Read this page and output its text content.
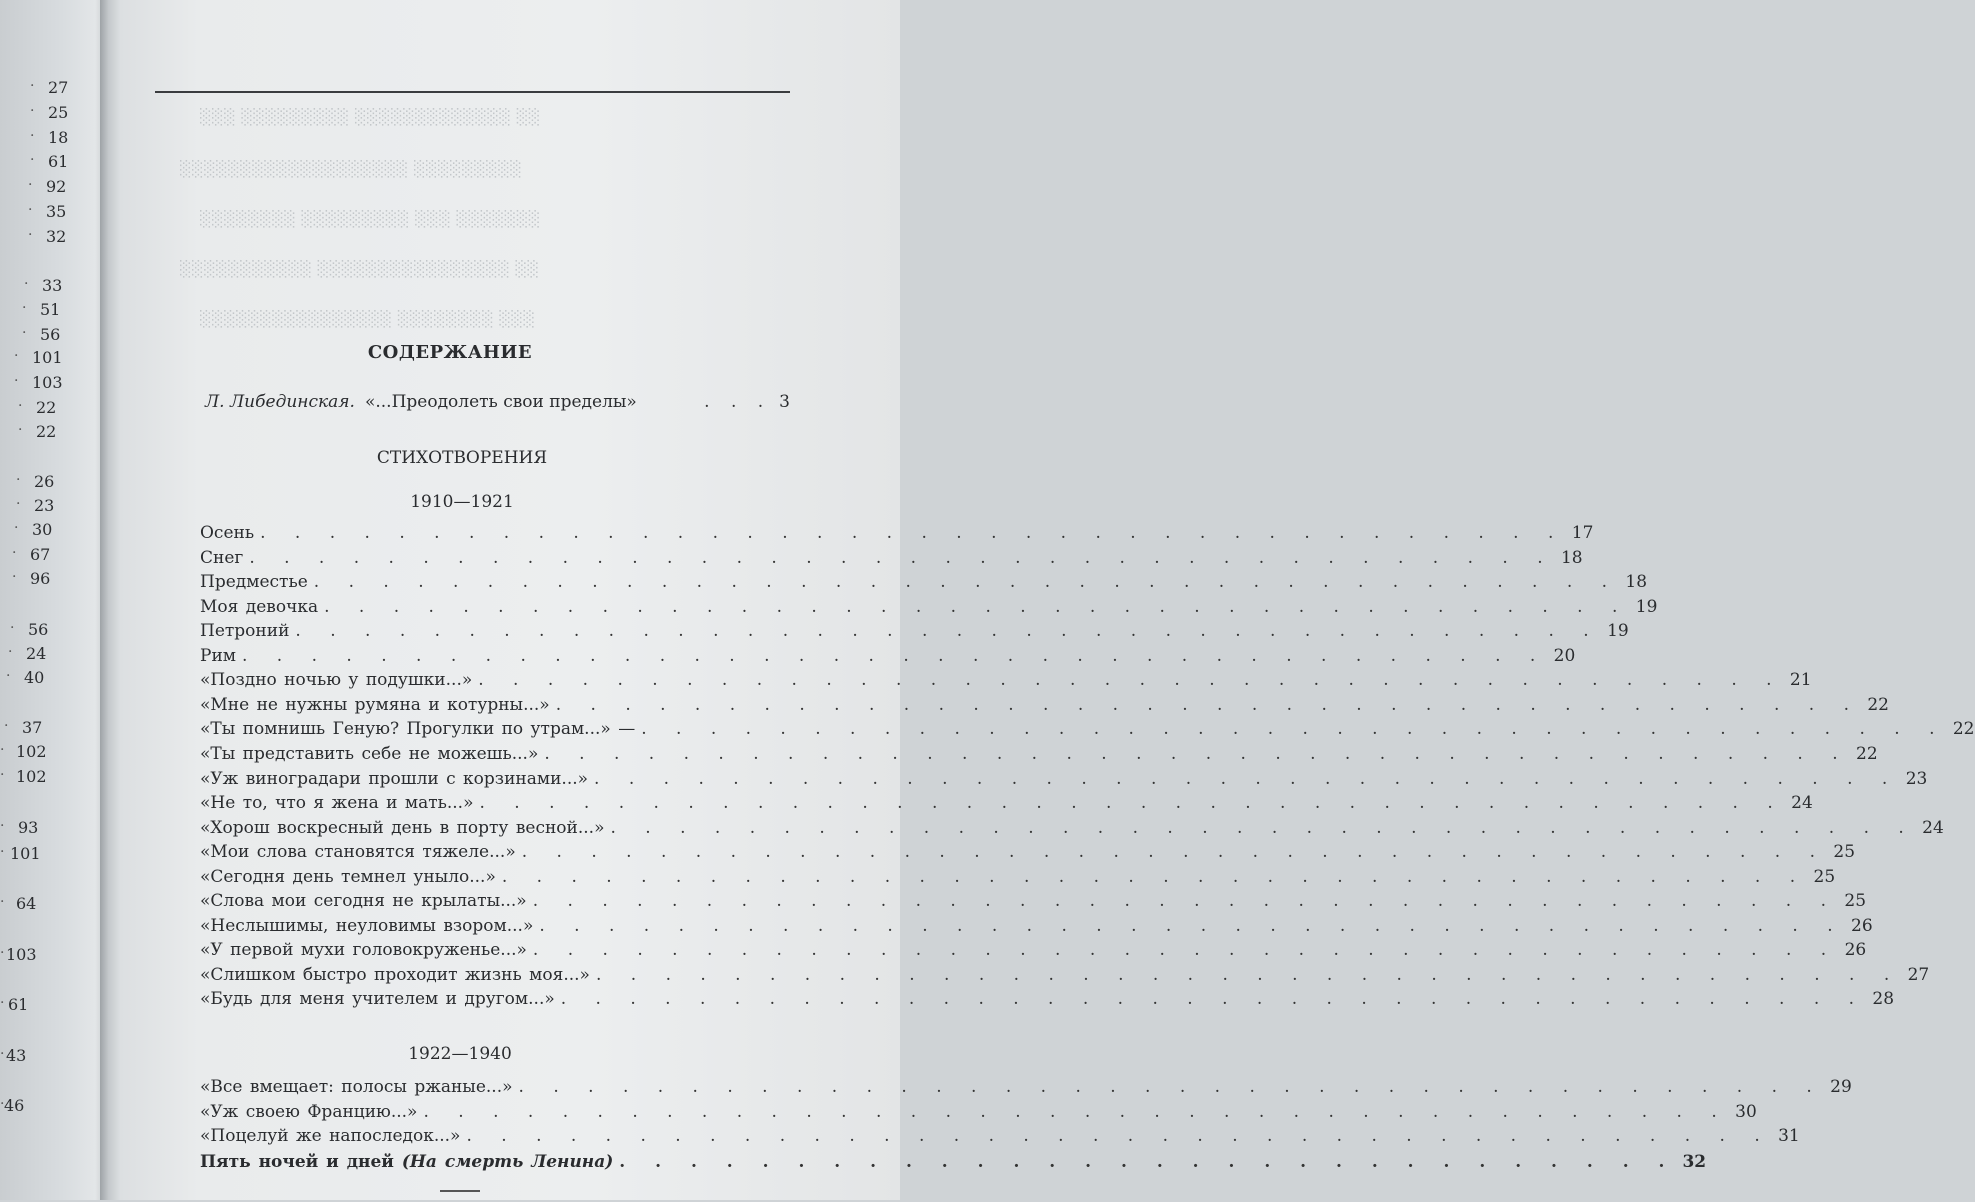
27
·
25
·
18
·
61
·
92
·
35
·
32
·
33
·
51
·
56
·
101
·
103
·
22
·
22
·
26
·
23
·
30
·
67
·
96
·
56
·
24
·
40
·
37
·
102
·
102
·
93
·
101
·
64
·
103
·
61
·
43
·
46
·
░░░ ░░░░░░░░░ ░░░░░░░░░░░░░ ░░
░░░░░░░░░░░░░░░░░░░ ░░░░░░░░░
░░░░░░░░ ░░░░░░░░░ ░░░ ░░░░░░░
░░░░░░░░░░░ ░░░░░░░░░░░░░░░░ ░░
░░░░░░░░░░░░░░░░ ░░░░░░░░ ░░░
СОДЕРЖАНИЕ
Л. Либединская. «...Преодолеть свои пределы»	. . . 3
СТИХОТВОРЕНИЯ
1910—1921
Осень . . . . . . . . . . . . . . . . . . . . . . . . . . . . . . . . . . . . . . 17
Снег . . . . . . . . . . . . . . . . . . . . . . . . . . . . . . . . . . . . . . 18
Предместье . . . . . . . . . . . . . . . . . . . . . . . . . . . . . . . . . . . . . . 18
Моя девочка . . . . . . . . . . . . . . . . . . . . . . . . . . . . . . . . . . . . . . 19
Петроний . . . . . . . . . . . . . . . . . . . . . . . . . . . . . . . . . . . . . . 19
Рим . . . . . . . . . . . . . . . . . . . . . . . . . . . . . . . . . . . . . . 20
«Поздно ночью у подушки...» . . . . . . . . . . . . . . . . . . . . . . . . . . . . . . . . . . . . . . 21
«Мне не нужны румяна и котурны...» . . . . . . . . . . . . . . . . . . . . . . . . . . . . . . . . . . . . . . 22
«Ты помнишь Геную? Прогулки по утрам...» — . . . . . . . . . . . . . . . . . . . . . . . . . . . . . . . . . . . . . . 22
«Ты представить себе не можешь...» . . . . . . . . . . . . . . . . . . . . . . . . . . . . . . . . . . . . . . 22
«Уж виноградари прошли с корзинами...» . . . . . . . . . . . . . . . . . . . . . . . . . . . . . . . . . . . . . . 23
«Не то, что я жена и мать...» . . . . . . . . . . . . . . . . . . . . . . . . . . . . . . . . . . . . . . 24
«Хорош воскресный день в порту весной...» . . . . . . . . . . . . . . . . . . . . . . . . . . . . . . . . . . . . . . 24
«Мои слова становятся тяжеле...» . . . . . . . . . . . . . . . . . . . . . . . . . . . . . . . . . . . . . . 25
«Сегодня день темнел уныло...» . . . . . . . . . . . . . . . . . . . . . . . . . . . . . . . . . . . . . . 25
«Слова мои сегодня не крылаты...» . . . . . . . . . . . . . . . . . . . . . . . . . . . . . . . . . . . . . . 25
«Неслышимы, неуловимы взором...» . . . . . . . . . . . . . . . . . . . . . . . . . . . . . . . . . . . . . . 26
«У первой мухи головокруженье...» . . . . . . . . . . . . . . . . . . . . . . . . . . . . . . . . . . . . . . 26
«Слишком быстро проходит жизнь моя...» . . . . . . . . . . . . . . . . . . . . . . . . . . . . . . . . . . . . . . 27
«Будь для меня учителем и другом...» . . . . . . . . . . . . . . . . . . . . . . . . . . . . . . . . . . . . . . 28
1922—1940
«Все вмещает: полосы ржаные...» . . . . . . . . . . . . . . . . . . . . . . . . . . . . . . . . . . . . . . 29
«Уж своею Францию...» . . . . . . . . . . . . . . . . . . . . . . . . . . . . . . . . . . . . . . 30
«Поцелуй же напоследок...» . . . . . . . . . . . . . . . . . . . . . . . . . . . . . . . . . . . . . . 31
Пять ночей и дней (На смерть Ленина) . . . . . . . . . . . . . . . . . . . . . . . . . . . . . . 32
